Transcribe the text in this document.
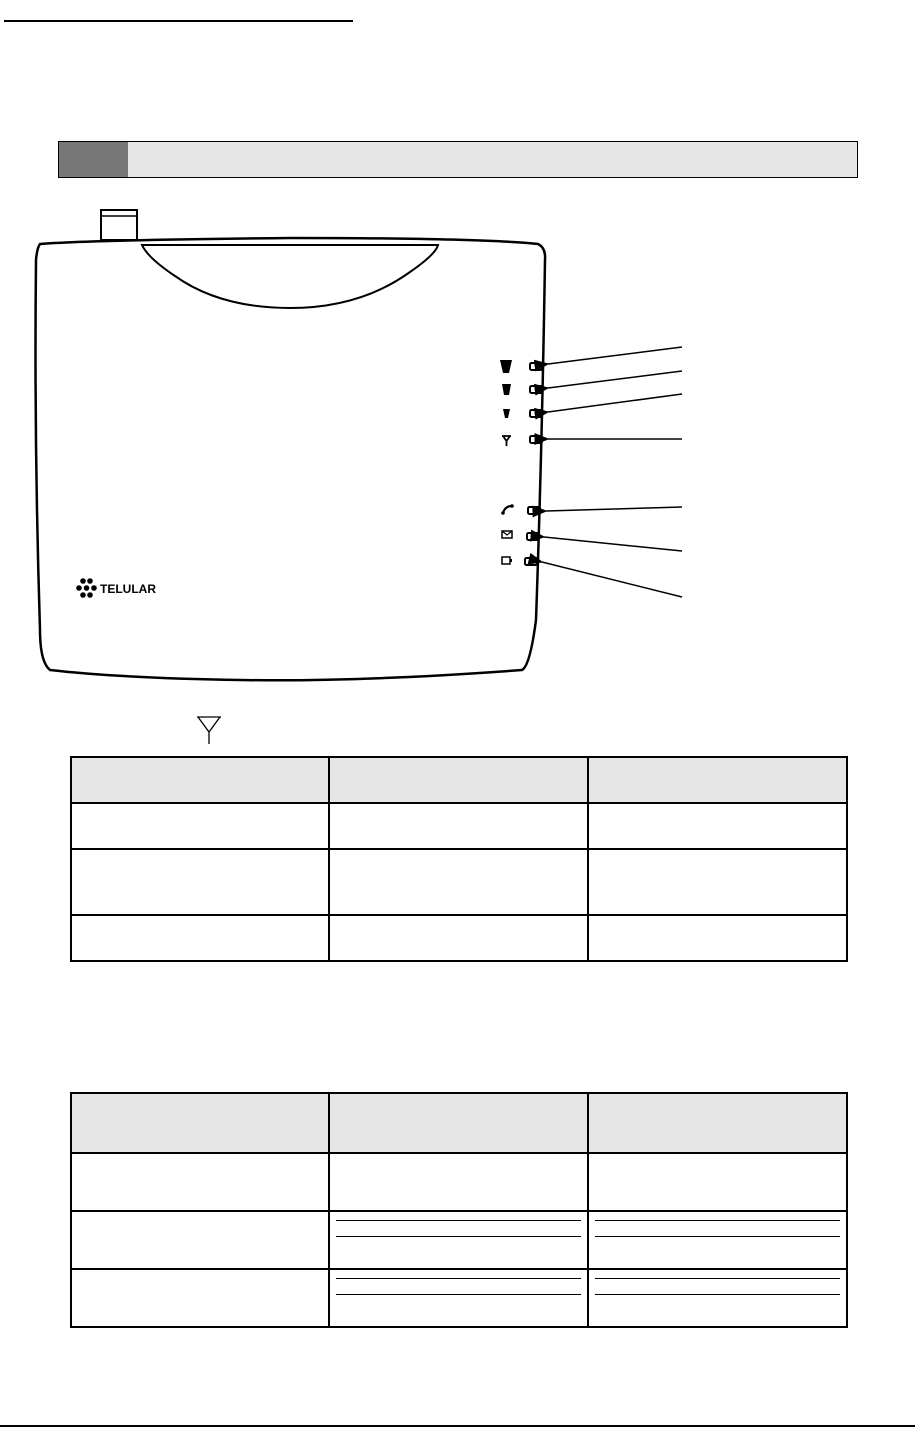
TELULAR
